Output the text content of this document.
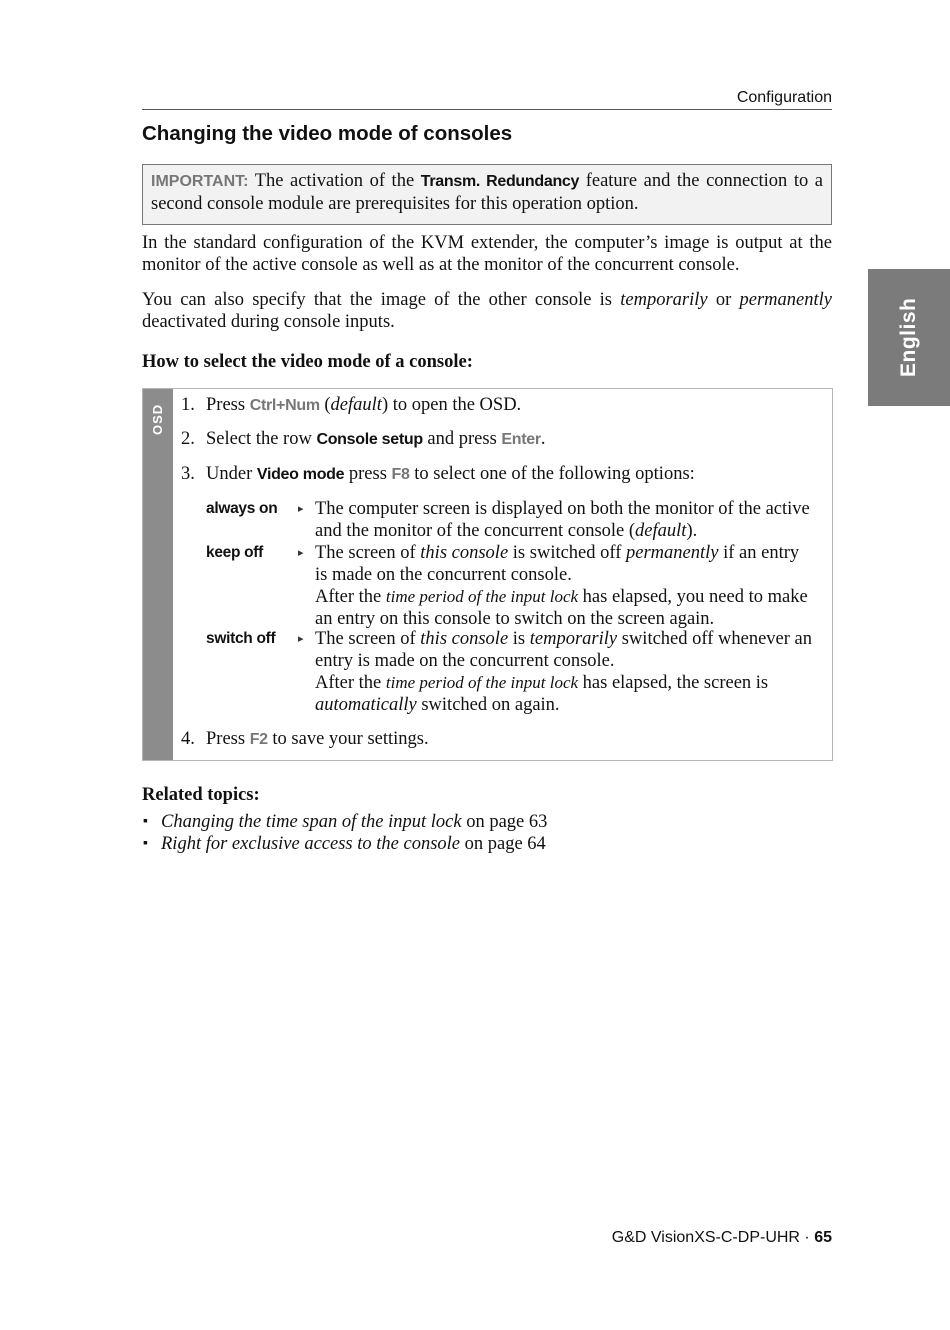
Configuration
English
Changing the video mode of consoles
IMPORTANT: The activation of the Transm. Redundancy feature and the connection to a second console module are prerequisites for this operation option.

In the standard configuration of the KVM extender, the computer’s image is output at the monitor of the active console as well as at the monitor of the concurrent console.

You can also specify that the image of the other console is temporarily or permanently deactivated during console inputs.

How to select the video mode of a console:
OSD 1. Press Ctrl+Num (default) to open the OSD.
2. Select the row Console setup and press Enter.
3. Under Video mode press F8 to select one of the following options:
always on ▸ The computer screen is displayed on both the monitor of the active and the monitor of the concurrent console (default).
keep off	▸ The screen of this console is switched off permanently if an entry is made on the concurrent console.
After the time period of the input lock has elapsed, you need to make an entry on this console to switch on the screen again.
switch off ▸ The screen of this console is temporarily switched off whenever an entry is made on the concurrent console.
After the time period of the input lock has elapsed, the screen is automatically switched on again.
4. Press F2 to save your settings.
Related topics:
▪ Changing the time span of the input lock on page 63
▪ Right for exclusive access to the console on page 64
G&D VisionXS-C-DP-UHR · 65
